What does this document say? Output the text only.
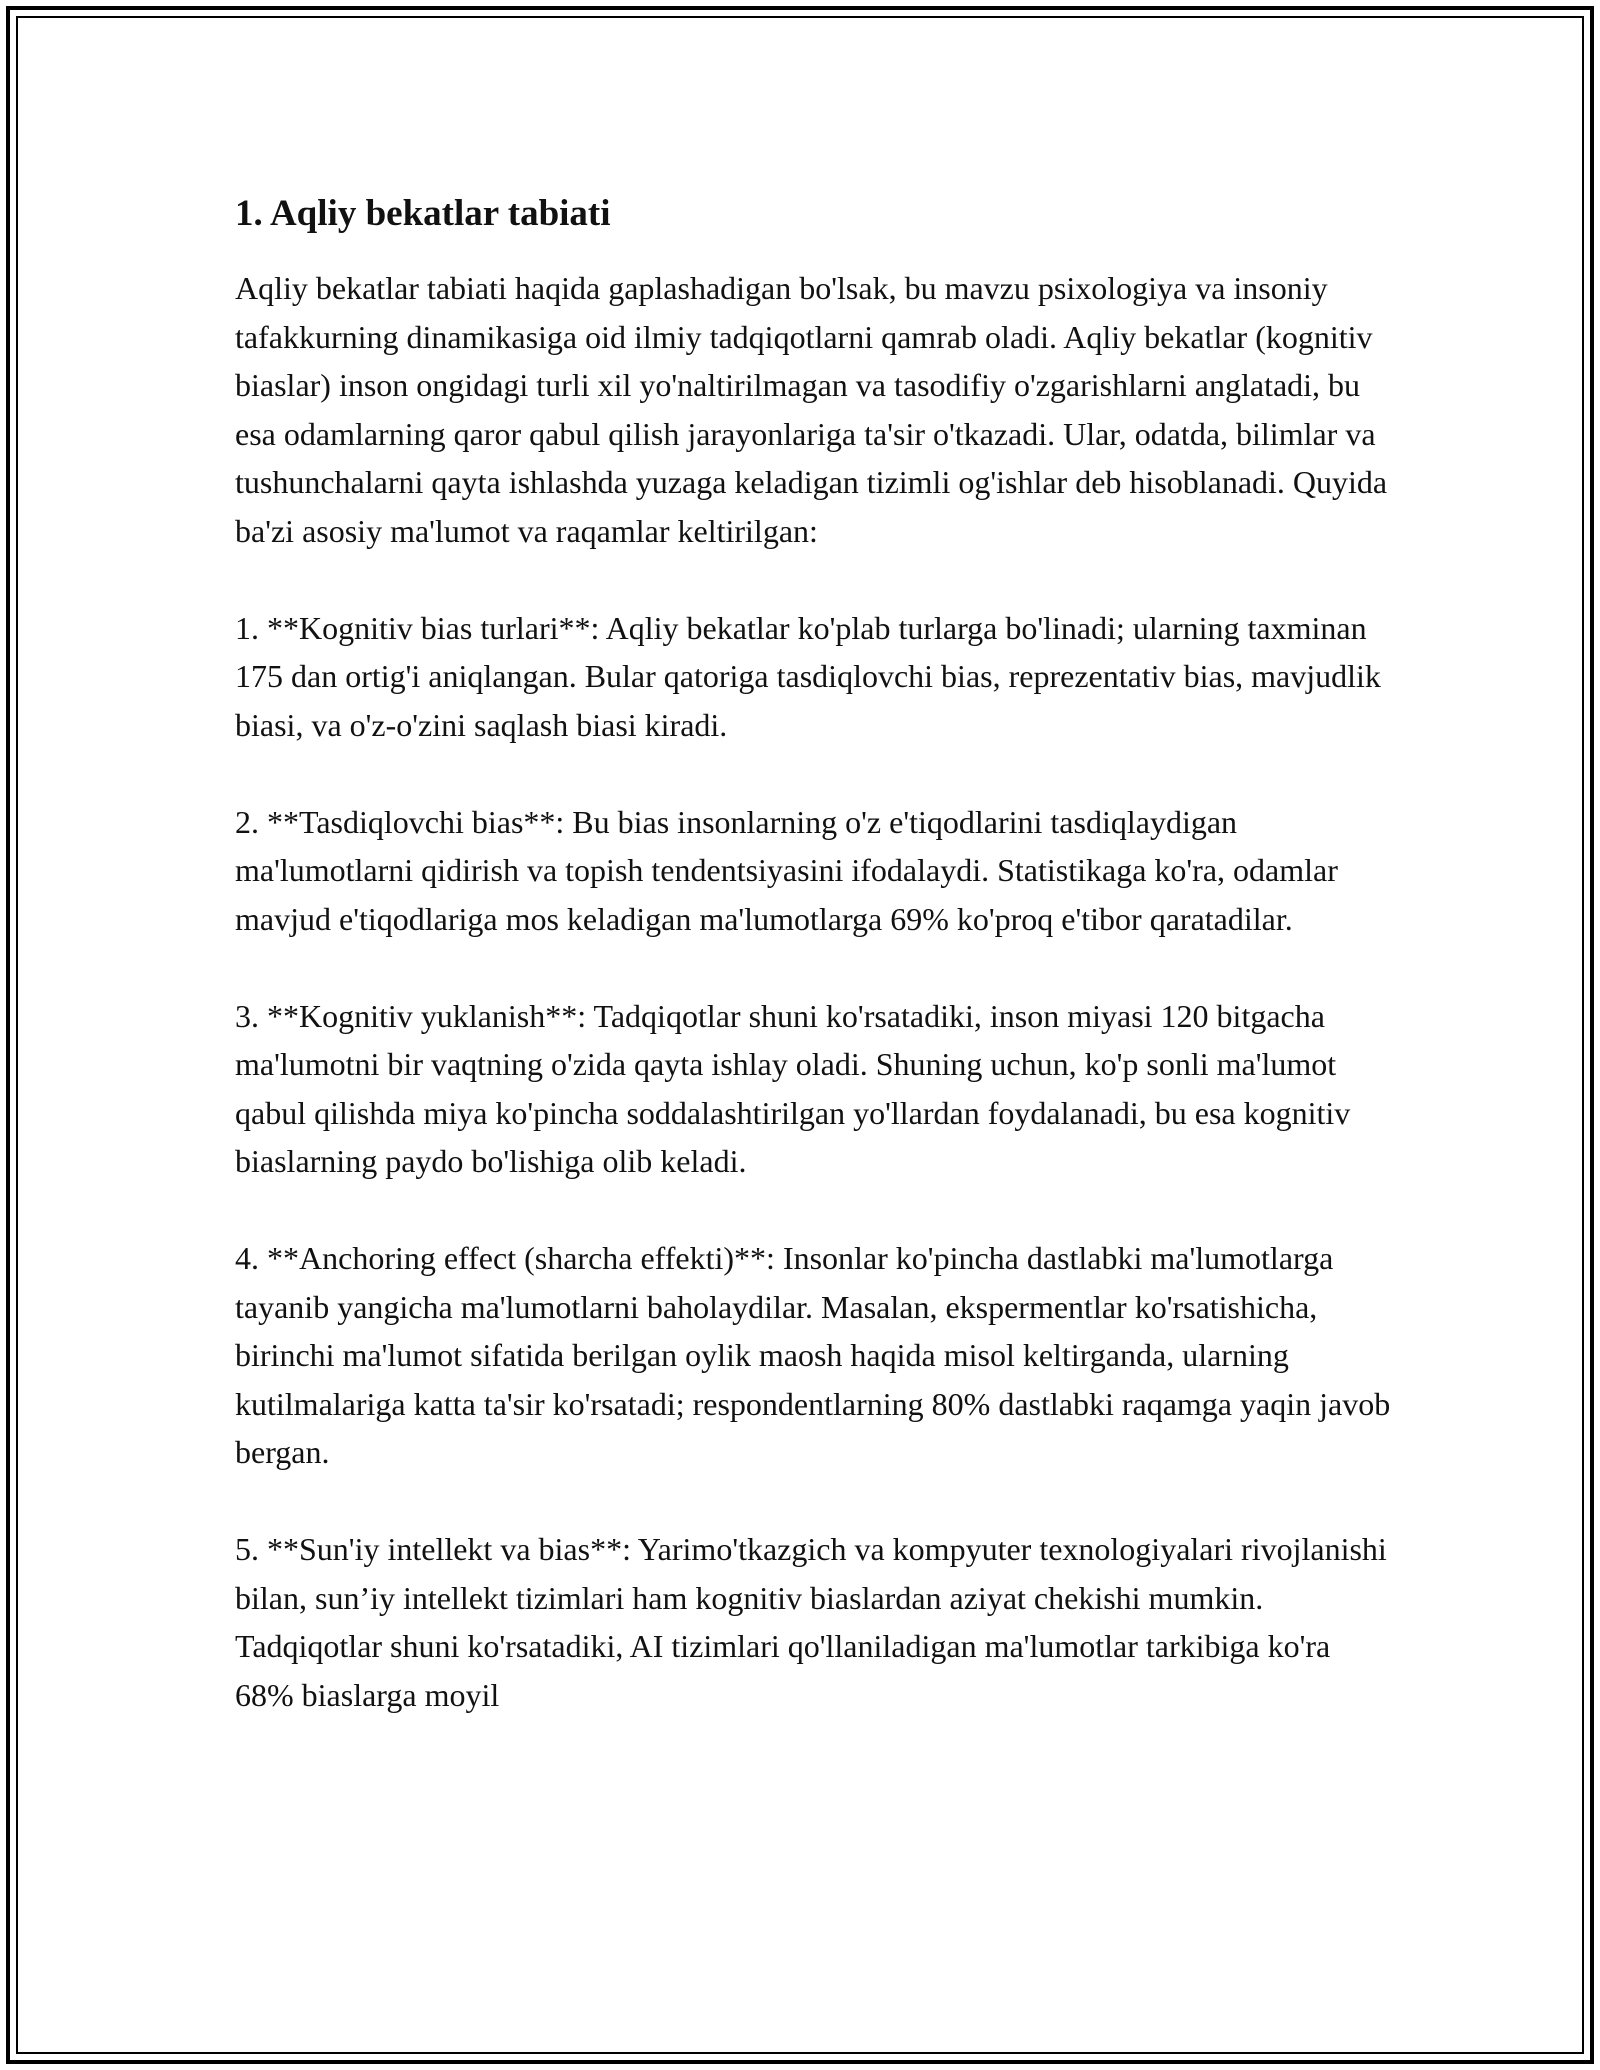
1. Aqliy bekatlar tabiati

Aqliy bekatlar tabiati haqida gaplashadigan bo'lsak, bu mavzu psixologiya va insoniy tafakkurning dinamikasiga oid ilmiy tadqiqotlarni qamrab oladi. Aqliy bekatlar (kognitiv biaslar) inson ongidagi turli xil yo'naltirilmagan va tasodifiy o'zgarishlarni anglatadi, bu esa odamlarning qaror qabul qilish jarayonlariga ta'sir o'tkazadi. Ular, odatda, bilimlar va tushunchalarni qayta ishlashda yuzaga keladigan tizimli og'ishlar deb hisoblanadi. Quyida ba'zi asosiy ma'lumot va raqamlar keltirilgan:

1. **Kognitiv bias turlari**: Aqliy bekatlar ko'plab turlarga bo'linadi; ularning taxminan 175 dan ortig'i aniqlangan. Bular qatoriga tasdiqlovchi bias, reprezentativ bias, mavjudlik biasi, va o'z-o'zini saqlash biasi kiradi.

2. **Tasdiqlovchi bias**: Bu bias insonlarning o'z e'tiqodlarini tasdiqlaydigan ma'lumotlarni qidirish va topish tendentsiyasini ifodalaydi. Statistikaga ko'ra, odamlar mavjud e'tiqodlariga mos keladigan ma'lumotlarga 69% ko'proq e'tibor qaratadilar.

3. **Kognitiv yuklanish**: Tadqiqotlar shuni ko'rsatadiki, inson miyasi 120 bitgacha ma'lumotni bir vaqtning o'zida qayta ishlay oladi. Shuning uchun, ko'p sonli ma'lumot qabul qilishda miya ko'pincha soddalashtirilgan yo'llardan foydalanadi, bu esa kognitiv biaslarning paydo bo'lishiga olib keladi.

4. **Anchoring effect (sharcha effekti)**: Insonlar ko'pincha dastlabki ma'lumotlarga tayanib yangicha ma'lumotlarni baholaydilar. Masalan, ekspermentlar ko'rsatishicha, birinchi ma'lumot sifatida berilgan oylik maosh haqida misol keltirganda, ularning kutilmalariga katta ta'sir ko'rsatadi; respondentlarning 80% dastlabki raqamga yaqin javob bergan.

5. **Sun'iy intellekt va bias**: Yarimo'tkazgich va kompyuter texnologiyalari rivojlanishi bilan, sun’iy intellekt tizimlari ham kognitiv biaslardan aziyat chekishi mumkin. Tadqiqotlar shuni ko'rsatadiki, AI tizimlari qo'llaniladigan ma'lumotlar tarkibiga ko'ra 68% biaslarga moyil
